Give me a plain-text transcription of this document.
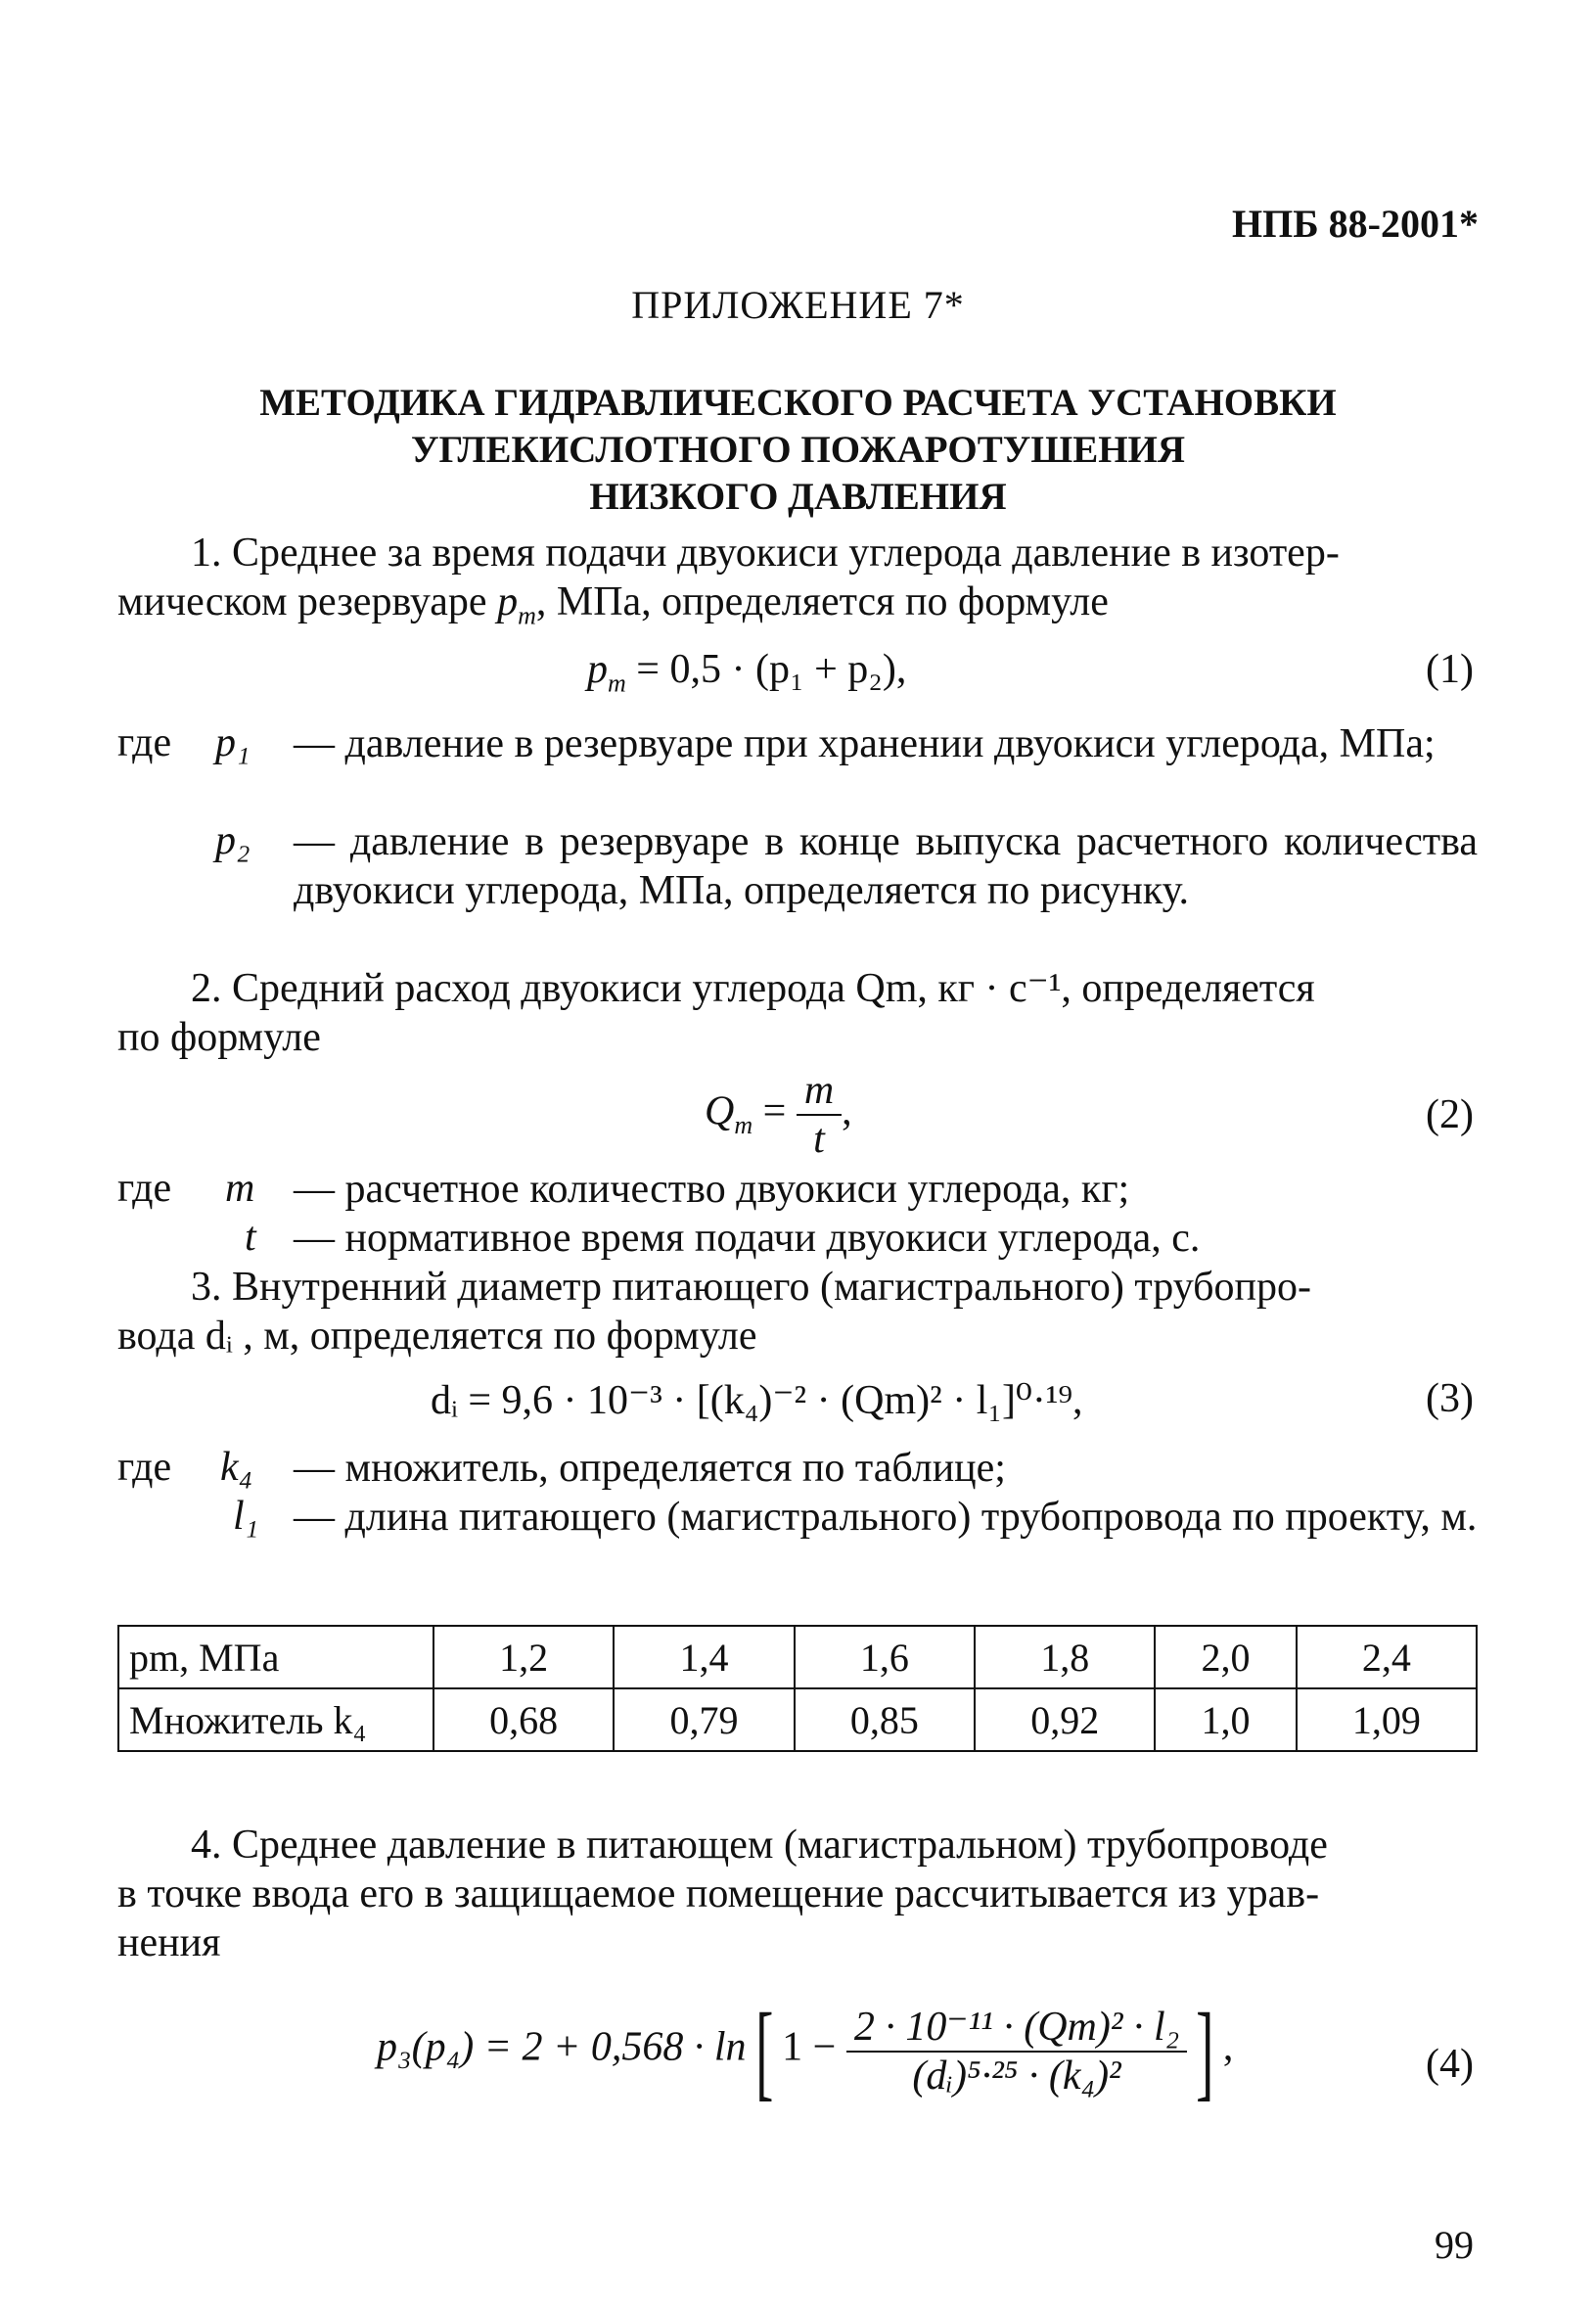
НПБ 88-2001*
ПРИЛОЖЕНИЕ 7*
МЕТОДИКА ГИДРАВЛИЧЕСКОГО РАСЧЕТА УСТАНОВКИ
УГЛЕКИСЛОТНОГО ПОЖАРОТУШЕНИЯ
НИЗКОГО ДАВЛЕНИЯ
1. Среднее за время подачи двуокиси углерода давление в изотер-
мическом резервуаре $p_m$, МПа, определяется по формуле
$p_m = 0,5 \cdot (p_1 + p_2)$,	(1)
где p₁ — давление в резервуаре при хранении двуокиси углерода, МПа;
p₂ — давление в резервуаре в конце выпуска расчетного количества двуокиси углерода, МПа, определяется по рисунку.
2. Средний расход двуокиси углерода Qm, кг · с⁻¹, определяется
по формуле
$Q_m = \frac{m}{t}$ ,	(2)
где m — расчетное количество двуокиси углерода, кг;
t — нормативное время подачи двуокиси углерода, с.
3. Внутренний диаметр питающего (магистрального) трубопро-
вода dᵢ , м, определяется по формуле
dᵢ = 9,6 · 10⁻³ · [(k₄)⁻² · (Qm)² · l₁]⁰·¹⁹,	(3)
где k₄ — множитель, определяется по таблице;
l₁ — длина питающего (магистрального) трубопровода по проекту, м.
pm, МПа	1,2	1,4	1,6	1,8	2,0	2,4
Множитель k₄	0,68	0,79	0,85	0,92	1,0	1,09
4. Среднее давление в питающем (магистральном) трубопроводе
в точке ввода его в защищаемое помещение рассчитывается из урав-
нения
p₃(p₄) = 2 + 0,568 · ln[ $1 - \frac{\text{2 · 10⁻¹¹ · (Qm)² · l₂}}{\text{(dᵢ)⁵·²⁵ · (k₄)²}}$ ] ,	(4)
99
